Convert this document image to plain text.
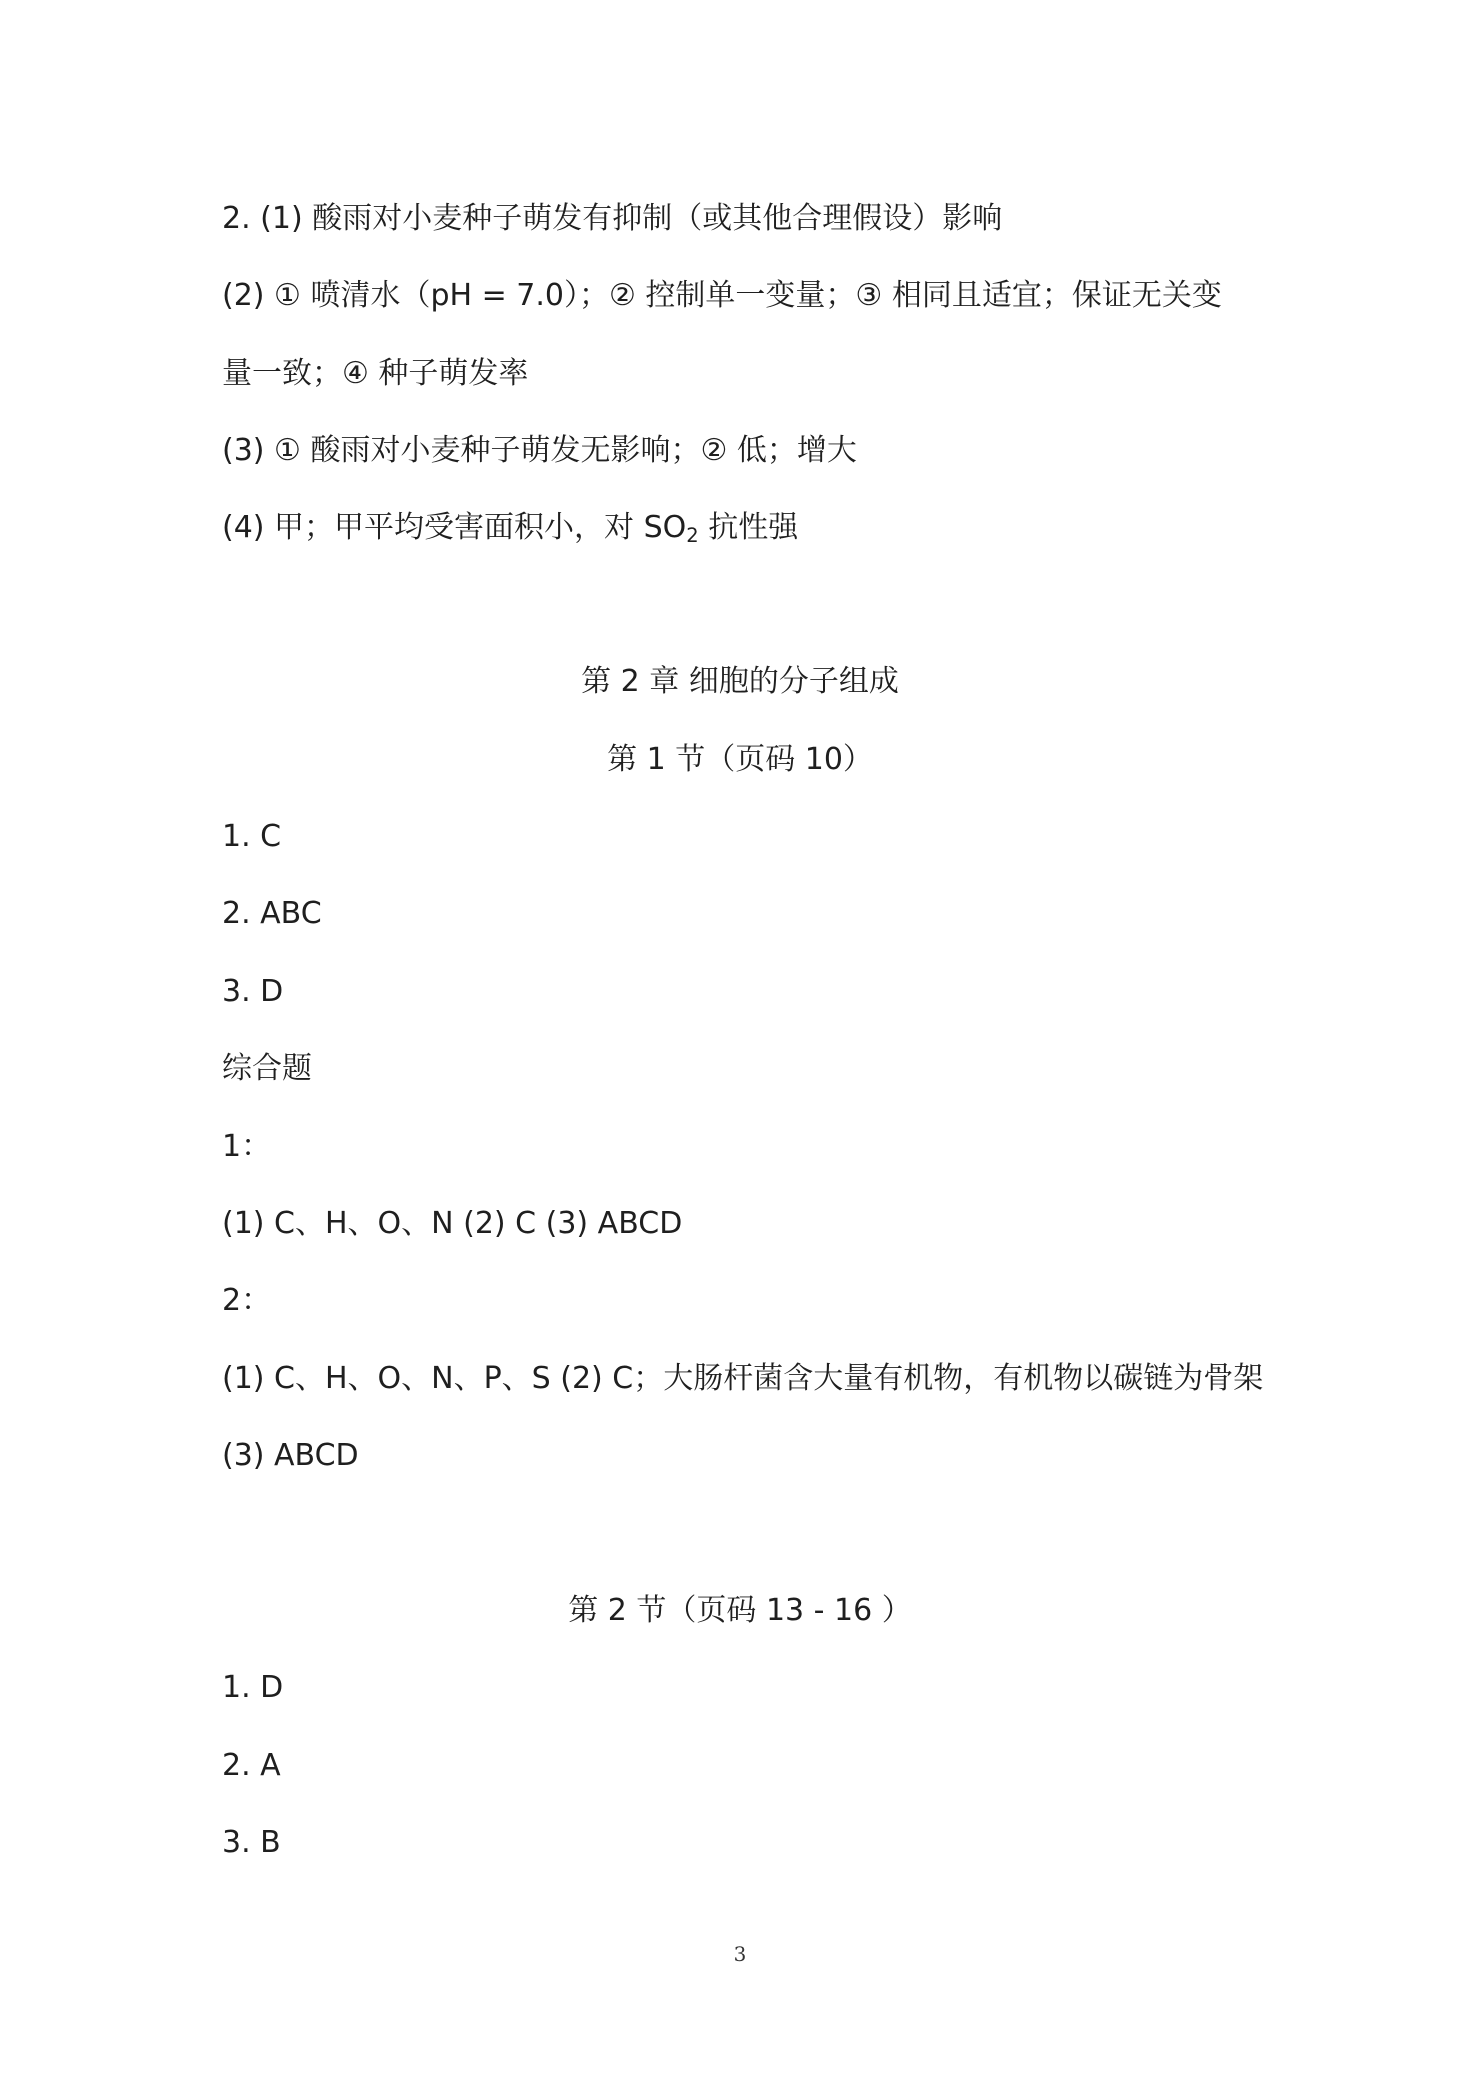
2. (1) 酸雨对小麦种子萌发有抑制（或其他合理假设）影响
(2) ① 喷清水（pH = 7.0）；② 控制单一变量；③ 相同且适宜；保证无关变
量一致；④ 种子萌发率
(3) ① 酸雨对小麦种子萌发无影响；② 低；增大
(4) 甲；甲平均受害面积小，对 $SO_2$ 抗性强
第 2 章 细胞的分子组成
第 1 节（页码 10）
1. C
2. ABC
3. D
综合题
1：
(1) C、H、O、N (2) C (3) ABCD
2：
(1) C、H、O、N、P、S (2) C；大肠杆菌含大量有机物，有机物以碳链为骨架
(3) ABCD
第 2 节（页码 13 - 16 ）
1. D
2. A
3. B
3
